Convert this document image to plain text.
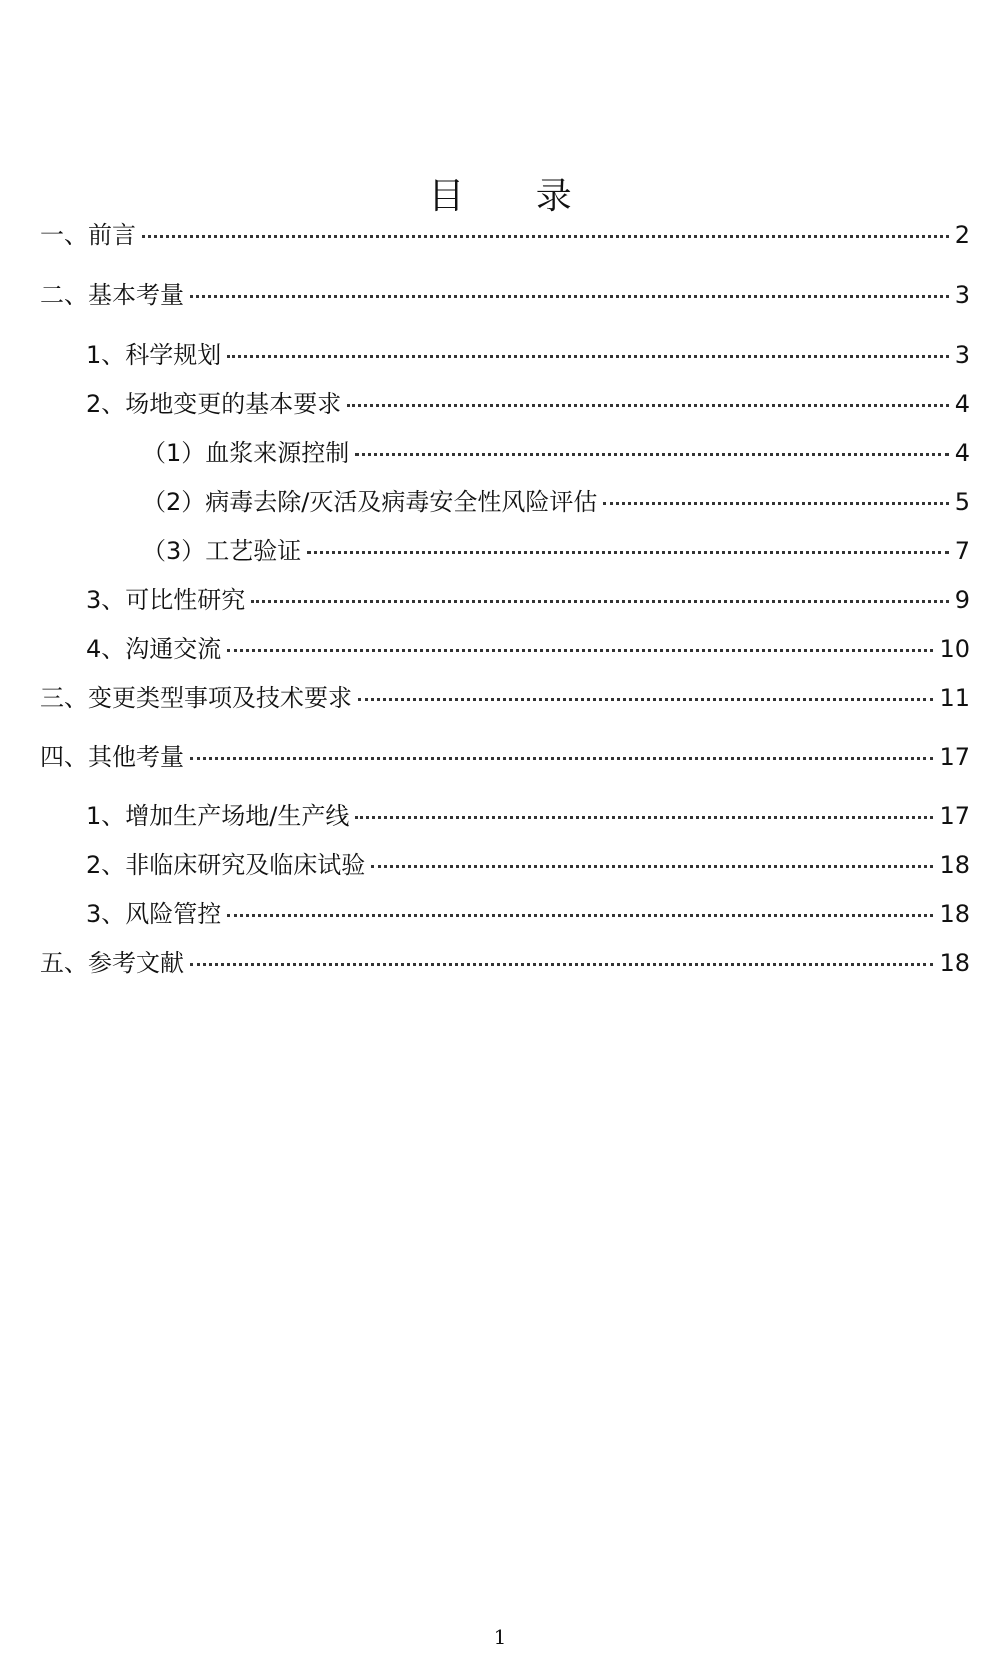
目 录
一、前言	2
二、基本考量	3
1、科学规划	3
2、场地变更的基本要求	4
（1）血浆来源控制	4
（2）病毒去除/灭活及病毒安全性风险评估	5
（3）工艺验证	7
3、可比性研究	9
4、沟通交流	10
三、变更类型事项及技术要求	11
四、其他考量	17
1、增加生产场地/生产线	17
2、非临床研究及临床试验	18
3、风险管控	18
五、参考文献	18
1
